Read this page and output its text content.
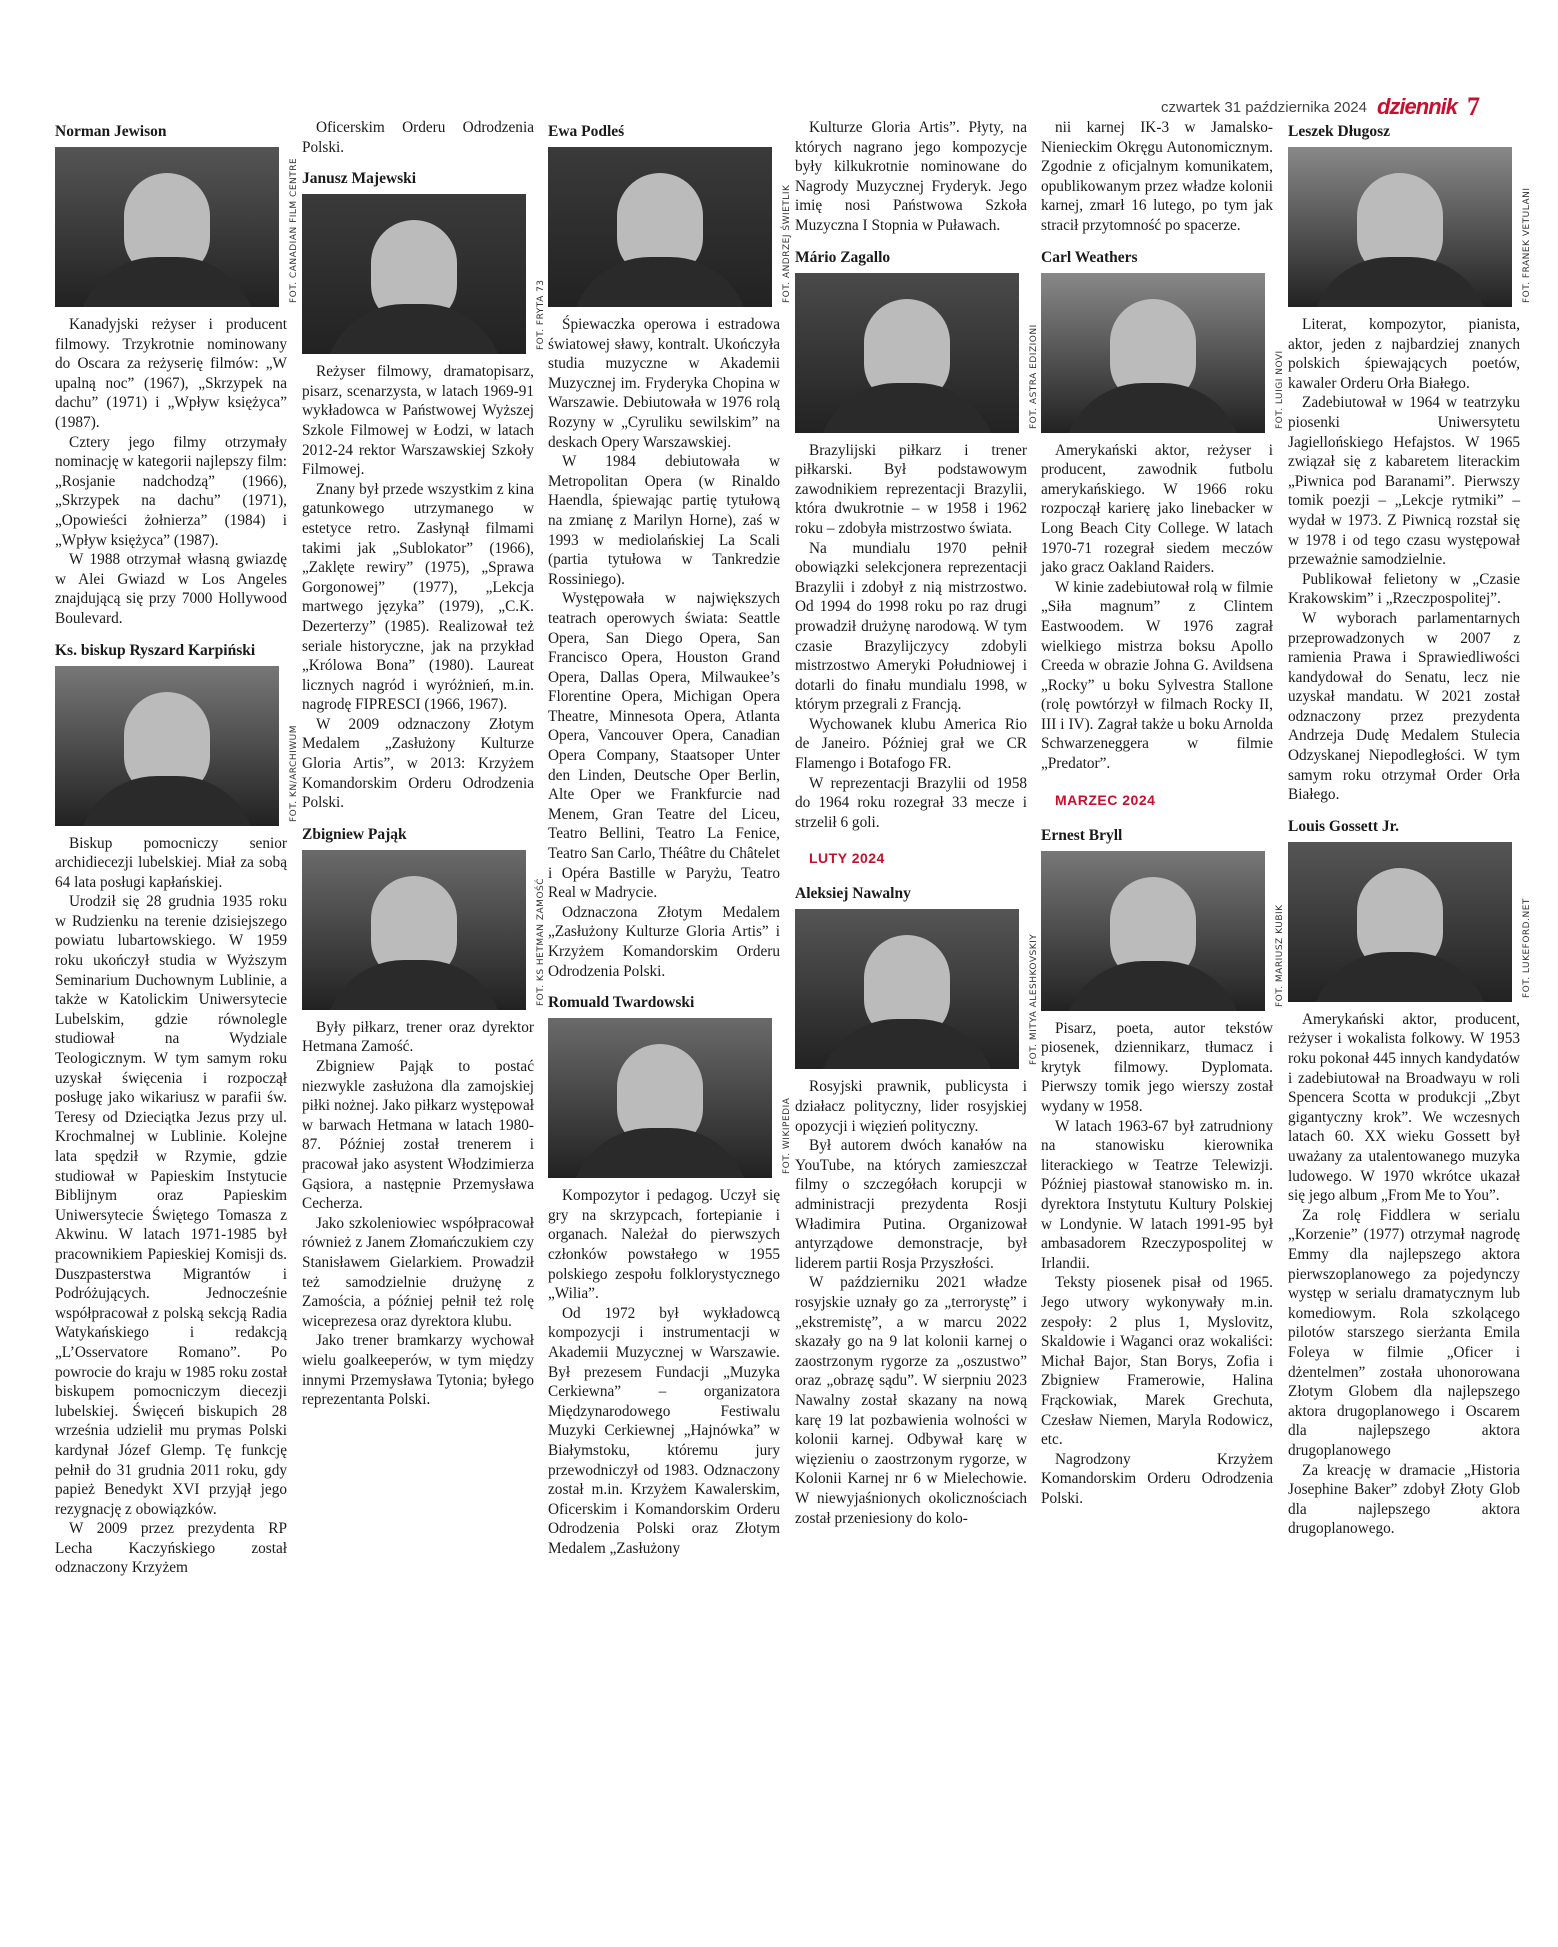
czwartek 31 października 2024 dziennik 7
Norman Jewison
FOT. CANADIAN FILM CENTRE

Kanadyjski reżyser i producent filmowy. Trzykrotnie nominowany do Oscara za reżyserię filmów: „W upalną noc” (1967), „Skrzypek na dachu” (1971) i „Wpływ księżyca” (1987).

Cztery jego filmy otrzymały nominację w kategorii najlepszy film: „Rosjanie nadchodzą” (1966), „Skrzypek na dachu” (1971), „Opowieści żołnierza” (1984) i „Wpływ księżyca” (1987).

W 1988 otrzymał własną gwiazdę w Alei Gwiazd w Los Angeles znajdującą się przy 7000 Hollywood Boulevard.

Ks. biskup Ryszard Karpiński
FOT. KN/ARCHIWUM

Biskup pomocniczy senior archidiecezji lubelskiej. Miał za sobą 64 lata posługi kapłańskiej.

Urodził się 28 grudnia 1935 roku w Rudzienku na terenie dzisiejszego powiatu lubartowskiego. W 1959 roku ukończył studia w Wyższym Seminarium Duchownym Lublinie, a także w Katolickim Uniwersytecie Lubelskim, gdzie równolegle studiował na Wydziale Teologicznym. W tym samym roku uzyskał święcenia i rozpoczął posługę jako wikariusz w parafii św. Teresy od Dzieciątka Jezus przy ul. Krochmalnej w Lublinie. Kolejne lata spędził w Rzymie, gdzie studiował w Papieskim Instytucie Biblijnym oraz Papieskim Uniwersytecie Świętego Tomasza z Akwinu. W latach 1971-1985 był pracownikiem Papieskiej Komisji ds. Duszpasterstwa Migrantów i Podróżujących. Jednocześnie współpracował z polską sekcją Radia Watykańskiego i redakcją „L’Osservatore Romano”. Po powrocie do kraju w 1985 roku został biskupem pomocniczym diecezji lubelskiej. Święceń biskupich 28 września udzielił mu prymas Polski kardynał Józef Glemp. Tę funkcję pełnił do 31 grudnia 2011 roku, gdy papież Benedykt XVI przyjął jego rezygnację z obowiązków.

W 2009 przez prezydenta RP Lecha Kaczyńskiego został odznaczony Krzyżem

Oficerskim Orderu Odrodzenia Polski.

Janusz Majewski
FOT. FRYTA 73

Reżyser filmowy, dramatopisarz, pisarz, scenarzysta, w latach 1969-91 wykładowca w Państwowej Wyższej Szkole Filmowej w Łodzi, w latach 2012-24 rektor Warszawskiej Szkoły Filmowej.

Znany był przede wszystkim z kina gatunkowego utrzymanego w estetyce retro. Zasłynął filmami takimi jak „Sublokator” (1966), „Zaklęte rewiry” (1975), „Sprawa Gorgonowej” (1977), „Lekcja martwego języka” (1979), „C.K. Dezerterzy” (1985). Realizował też seriale historyczne, jak na przykład „Królowa Bona” (1980). Laureat licznych nagród i wyróżnień, m.in. nagrodę FIPRESCI (1966, 1967).

W 2009 odznaczony Złotym Medalem „Zasłużony Kulturze Gloria Artis”, w 2013: Krzyżem Komandorskim Orderu Odrodzenia Polski.

Zbigniew Pająk
FOT. KS HETMAN ZAMOŚĆ

Były piłkarz, trener oraz dyrektor Hetmana Zamość.

Zbigniew Pająk to postać niezwykle zasłużona dla zamojskiej piłki nożnej. Jako piłkarz występował w barwach Hetmana w latach 1980-87. Później został trenerem i pracował jako asystent Włodzimierza Gąsiora, a następnie Przemysława Cecherza.

Jako szkoleniowiec współpracował również z Janem Złomańczukiem czy Stanisławem Gielarkiem. Prowadził też samodzielnie drużynę z Zamościa, a później pełnił też rolę wiceprezesa oraz dyrektora klubu.

Jako trener bramkarzy wychował wielu goalkeeperów, w tym między innymi Przemysława Tytonia; byłego reprezentanta Polski.

Ewa Podleś
FOT. ANDRZEJ ŚWIETLIK

Śpiewaczka operowa i estradowa światowej sławy, kontralt. Ukończyła studia muzyczne w Akademii Muzycznej im. Fryderyka Chopina w Warszawie. Debiutowała w 1976 rolą Rozyny w „Cyruliku sewilskim” na deskach Opery Warszawskiej.

W 1984 debiutowała w Metropolitan Opera (w Rinaldo Haendla, śpiewając partię tytułową na zmianę z Marilyn Horne), zaś w 1993 w mediolańskiej La Scali (partia tytułowa w Tankredzie Rossiniego).

Występowała w największych teatrach operowych świata: Seattle Opera, San Diego Opera, San Francisco Opera, Houston Grand Opera, Dallas Opera, Milwaukee’s Florentine Opera, Michigan Opera Theatre, Minnesota Opera, Atlanta Opera, Vancouver Opera, Canadian Opera Company, Staatsoper Unter den Linden, Deutsche Oper Berlin, Alte Oper we Frankfurcie nad Menem, Gran Teatre del Liceu, Teatro Bellini, Teatro La Fenice, Teatro San Carlo, Théâtre du Châtelet i Opéra Bastille w Paryżu, Teatro Real w Madrycie.

Odznaczona Złotym Medalem „Zasłużony Kulturze Gloria Artis” i Krzyżem Komandorskim Orderu Odrodzenia Polski.

Romuald Twardowski
FOT. WIKIPEDIA

Kompozytor i pedagog. Uczył się gry na skrzypcach, fortepianie i organach. Należał do pierwszych członków powstałego w 1955 polskiego zespołu folklorystycznego „Wilia”.

Od 1972 był wykładowcą kompozycji i instrumentacji w Akademii Muzycznej w Warszawie. Był prezesem Fundacji „Muzyka Cerkiewna” – organizatora Międzynarodowego Festiwalu Muzyki Cerkiewnej „Hajnówka” w Białymstoku, któremu jury przewodniczył od 1983. Odznaczony został m.in. Krzyżem Kawalerskim, Oficerskim i Komandorskim Orderu Odrodzenia Polski oraz Złotym Medalem „Zasłużony

Kulturze Gloria Artis”. Płyty, na których nagrano jego kompozycje były kilkukrotnie nominowane do Nagrody Muzycznej Fryderyk. Jego imię nosi Państwowa Szkoła Muzyczna I Stopnia w Puławach.

Mário Zagallo
FOT. ASTRA EDIZIONI

Brazylijski piłkarz i trener piłkarski. Był podstawowym zawodnikiem reprezentacji Brazylii, która dwukrotnie – w 1958 i 1962 roku – zdobyła mistrzostwo świata.

Na mundialu 1970 pełnił obowiązki selekcjonera reprezentacji Brazylii i zdobył z nią mistrzostwo. Od 1994 do 1998 roku po raz drugi prowadził drużynę narodową. W tym czasie Brazylijczycy zdobyli mistrzostwo Ameryki Południowej i dotarli do finału mundialu 1998, w którym przegrali z Francją.

Wychowanek klubu America Rio de Janeiro. Później grał we CR Flamengo i Botafogo FR.

W reprezentacji Brazylii od 1958 do 1964 roku rozegrał 33 mecze i strzelił 6 goli.

LUTY 2024
Aleksiej Nawalny
FOT. MITYA ALESHKOVSKIY

Rosyjski prawnik, publicysta i działacz polityczny, lider rosyjskiej opozycji i więzień polityczny.

Był autorem dwóch kanałów na YouTube, na których zamieszczał filmy o szczegółach korupcji w administracji prezydenta Rosji Władimira Putina. Organizował antyrządowe demonstracje, był liderem partii Rosja Przyszłości.

W październiku 2021 władze rosyjskie uznały go za „terrorystę” i „ekstremistę”, a w marcu 2022 skazały go na 9 lat kolonii karnej o zaostrzonym rygorze za „oszustwo” oraz „obrazę sądu”. W sierpniu 2023 Nawalny został skazany na nową karę 19 lat pozbawienia wolności w kolonii karnej. Odbywał karę w więzieniu o zaostrzonym rygorze, w Kolonii Karnej nr 6 w Mielechowie. W niewyjaśnionych okolicznościach został przeniesiony do kolo-

nii karnej IK-3 w Jamalsko-Nienieckim Okręgu Autonomicznym. Zgodnie z oficjalnym komunikatem, opublikowanym przez władze kolonii karnej, zmarł 16 lutego, po tym jak stracił przytomność po spacerze.

Carl Weathers
FOT. LUIGI NOVI

Amerykański aktor, reżyser i producent, zawodnik futbolu amerykańskiego. W 1966 roku rozpoczął karierę jako linebacker w Long Beach City College. W latach 1970-71 rozegrał siedem meczów jako gracz Oakland Raiders.

W kinie zadebiutował rolą w filmie „Siła magnum” z Clintem Eastwoodem. W 1976 zagrał wielkiego mistrza boksu Apollo Creeda w obrazie Johna G. Avildsena „Rocky” u boku Sylvestra Stallone (rolę powtórzył w filmach Rocky II, III i IV). Zagrał także u boku Arnolda Schwarzeneggera w filmie „Predator”.

MARZEC 2024
Ernest Bryll
FOT. MARIUSZ KUBIK

Pisarz, poeta, autor tekstów piosenek, dziennikarz, tłumacz i krytyk filmowy. Dyplomata. Pierwszy tomik jego wierszy został wydany w 1958.

W latach 1963-67 był zatrudniony na stanowisku kierownika literackiego w Teatrze Telewizji. Później piastował stanowisko m. in. dyrektora Instytutu Kultury Polskiej w Londynie. W latach 1991-95 był ambasadorem Rzeczypospolitej w Irlandii.

Teksty piosenek pisał od 1965. Jego utwory wykonywały m.in. zespoły: 2 plus 1, Myslovitz, Skaldowie i Waganci oraz wokaliści: Michał Bajor, Stan Borys, Zofia i Zbigniew Framerowie, Halina Frąckowiak, Marek Grechuta, Czesław Niemen, Maryla Rodowicz, etc.

Nagrodzony Krzyżem Komandorskim Orderu Odrodzenia Polski.

Leszek Długosz
FOT. FRANEK VETULANI

Literat, kompozytor, pianista, aktor, jeden z najbardziej znanych polskich śpiewających poetów, kawaler Orderu Orła Białego.

Zadebiutował w 1964 w teatrzyku piosenki Uniwersytetu Jagiellońskiego Hefajstos. W 1965 związał się z kabaretem literackim „Piwnica pod Baranami”. Pierwszy tomik poezji – „Lekcje rytmiki” – wydał w 1973. Z Piwnicą rozstał się w 1978 i od tego czasu występował przeważnie samodzielnie.

Publikował felietony w „Czasie Krakowskim” i „Rzeczpospolitej”.

W wyborach parlamentarnych przeprowadzonych w 2007 z ramienia Prawa i Sprawiedliwości kandydował do Senatu, lecz nie uzyskał mandatu. W 2021 został odznaczony przez prezydenta Andrzeja Dudę Medalem Stulecia Odzyskanej Niepodległości. W tym samym roku otrzymał Order Orła Białego.

Louis Gossett Jr.
FOT. LUKEFORD.NET

Amerykański aktor, producent, reżyser i wokalista folkowy. W 1953 roku pokonał 445 innych kandydatów i zadebiutował na Broadwayu w roli Spencera Scotta w produkcji „Zbyt gigantyczny krok”. We wczesnych latach 60. XX wieku Gossett był uważany za utalentowanego muzyka ludowego. W 1970 wkrótce ukazał się jego album „From Me to You”.

Za rolę Fiddlera w serialu „Korzenie” (1977) otrzymał nagrodę Emmy dla najlepszego aktora pierwszoplanowego za pojedynczy występ w serialu dramatycznym lub komediowym. Rola szkolącego pilotów starszego sierżanta Emila Foleya w filmie „Oficer i dżentelmen” została uhonorowana Złotym Globem dla najlepszego aktora drugoplanowego i Oscarem dla najlepszego aktora drugoplanowego

Za kreację w dramacie „Historia Josephine Baker” zdobył Złoty Glob dla najlepszego aktora drugoplanowego.
